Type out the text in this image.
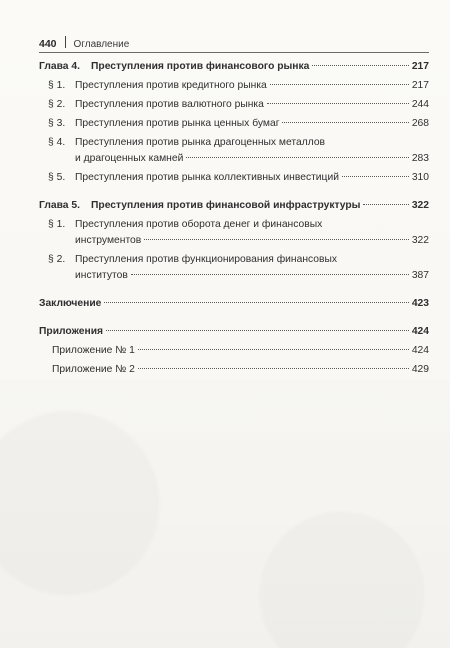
440 Оглавление
Глава 4.	Преступления против финансового рынка	217
§ 1. Преступления против кредитного рынка	217
§ 2. Преступления против валютного рынка	244
§ 3. Преступления против рынка ценных бумаг	268
§ 4. Преступления против рынка драгоценных металлов
и драгоценных камней	283
§ 5. Преступления против рынка коллективных инвестиций	310
Глава 5.	Преступления против финансовой инфраструктуры	322
§ 1. Преступления против оборота денег и финансовых
инструментов	322
§ 2. Преступления против функционирования финансовых
институтов	387
Заключение	423
Приложения	424
Приложение № 1	424
Приложение № 2	429
